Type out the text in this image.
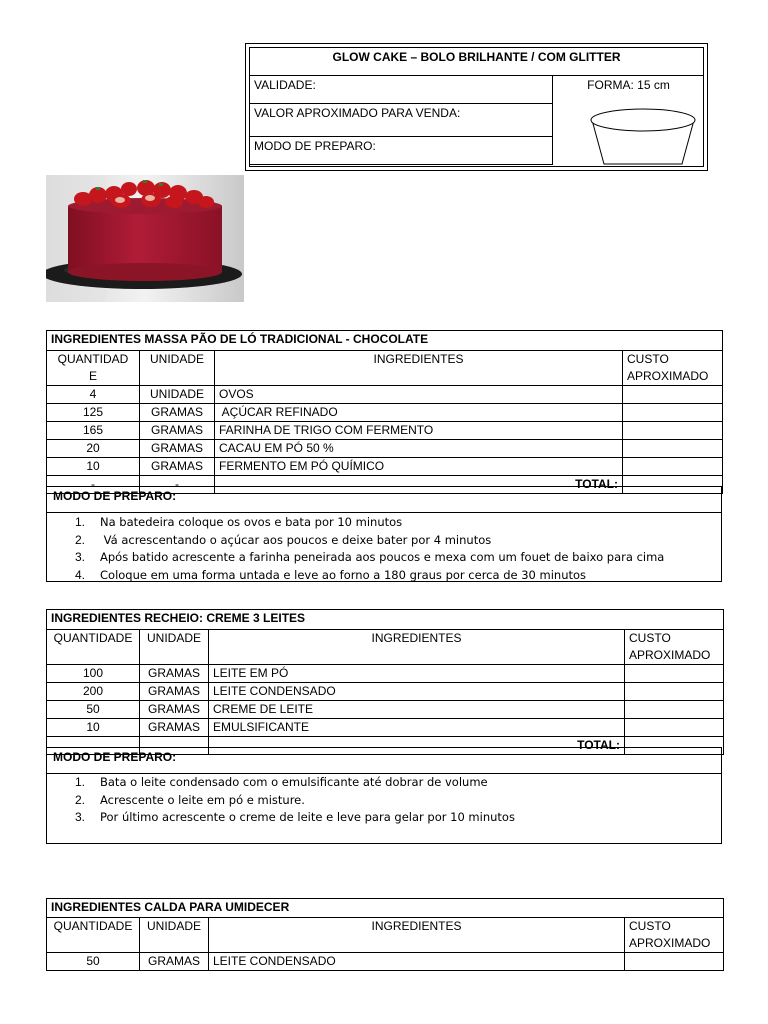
GLOW CAKE – BOLO BRILHANTE / COM GLITTER
VALIDADE:
VALOR APROXIMADO PARA VENDA:
MODO DE PREPARO:
FORMA: 15 cm
INGREDIENTES MASSA PÃO DE LÓ TRADICIONAL - CHOCOLATE			
QUANTIDAD
E	UNIDADE	INGREDIENTES	CUSTO
APROXIMADO
4	UNIDADE	OVOS	
125	GRAMAS	AÇÚCAR REFINADO	
165	GRAMAS	FARINHA DE TRIGO COM FERMENTO	
20	GRAMAS	CACAU EM PÓ 50 %	
10	GRAMAS	FERMENTO EM PÓ QUÍMICO	
-	-	TOTAL:	
MODO DE PREPARO:
1. Na batedeira coloque os ovos e bata por 10 minutos
2. Vá acrescentando o açúcar aos poucos e deixe bater por 4 minutos
3. Após batido acrescente a farinha peneirada aos poucos e mexa com um fouet de baixo para cima
4. Coloque em uma forma untada e leve ao forno a 180 graus por cerca de 30 minutos
INGREDIENTES RECHEIO: CREME 3 LEITES			
QUANTIDADE	UNIDADE	INGREDIENTES	CUSTO
APROXIMADO
100	GRAMAS	LEITE EM PÓ	
200	GRAMAS	LEITE CONDENSADO	
50	GRAMAS	CREME DE LEITE	
10	GRAMAS	EMULSIFICANTE	
		TOTAL:	
MODO DE PREPARO:
1. Bata o leite condensado com o emulsificante até dobrar de volume
2. Acrescente o leite em pó e misture.
3. Por último acrescente o creme de leite e leve para gelar por 10 minutos
INGREDIENTES CALDA PARA UMIDECER			
QUANTIDADE	UNIDADE	INGREDIENTES	CUSTO
APROXIMADO
50	GRAMAS	LEITE CONDENSADO	
